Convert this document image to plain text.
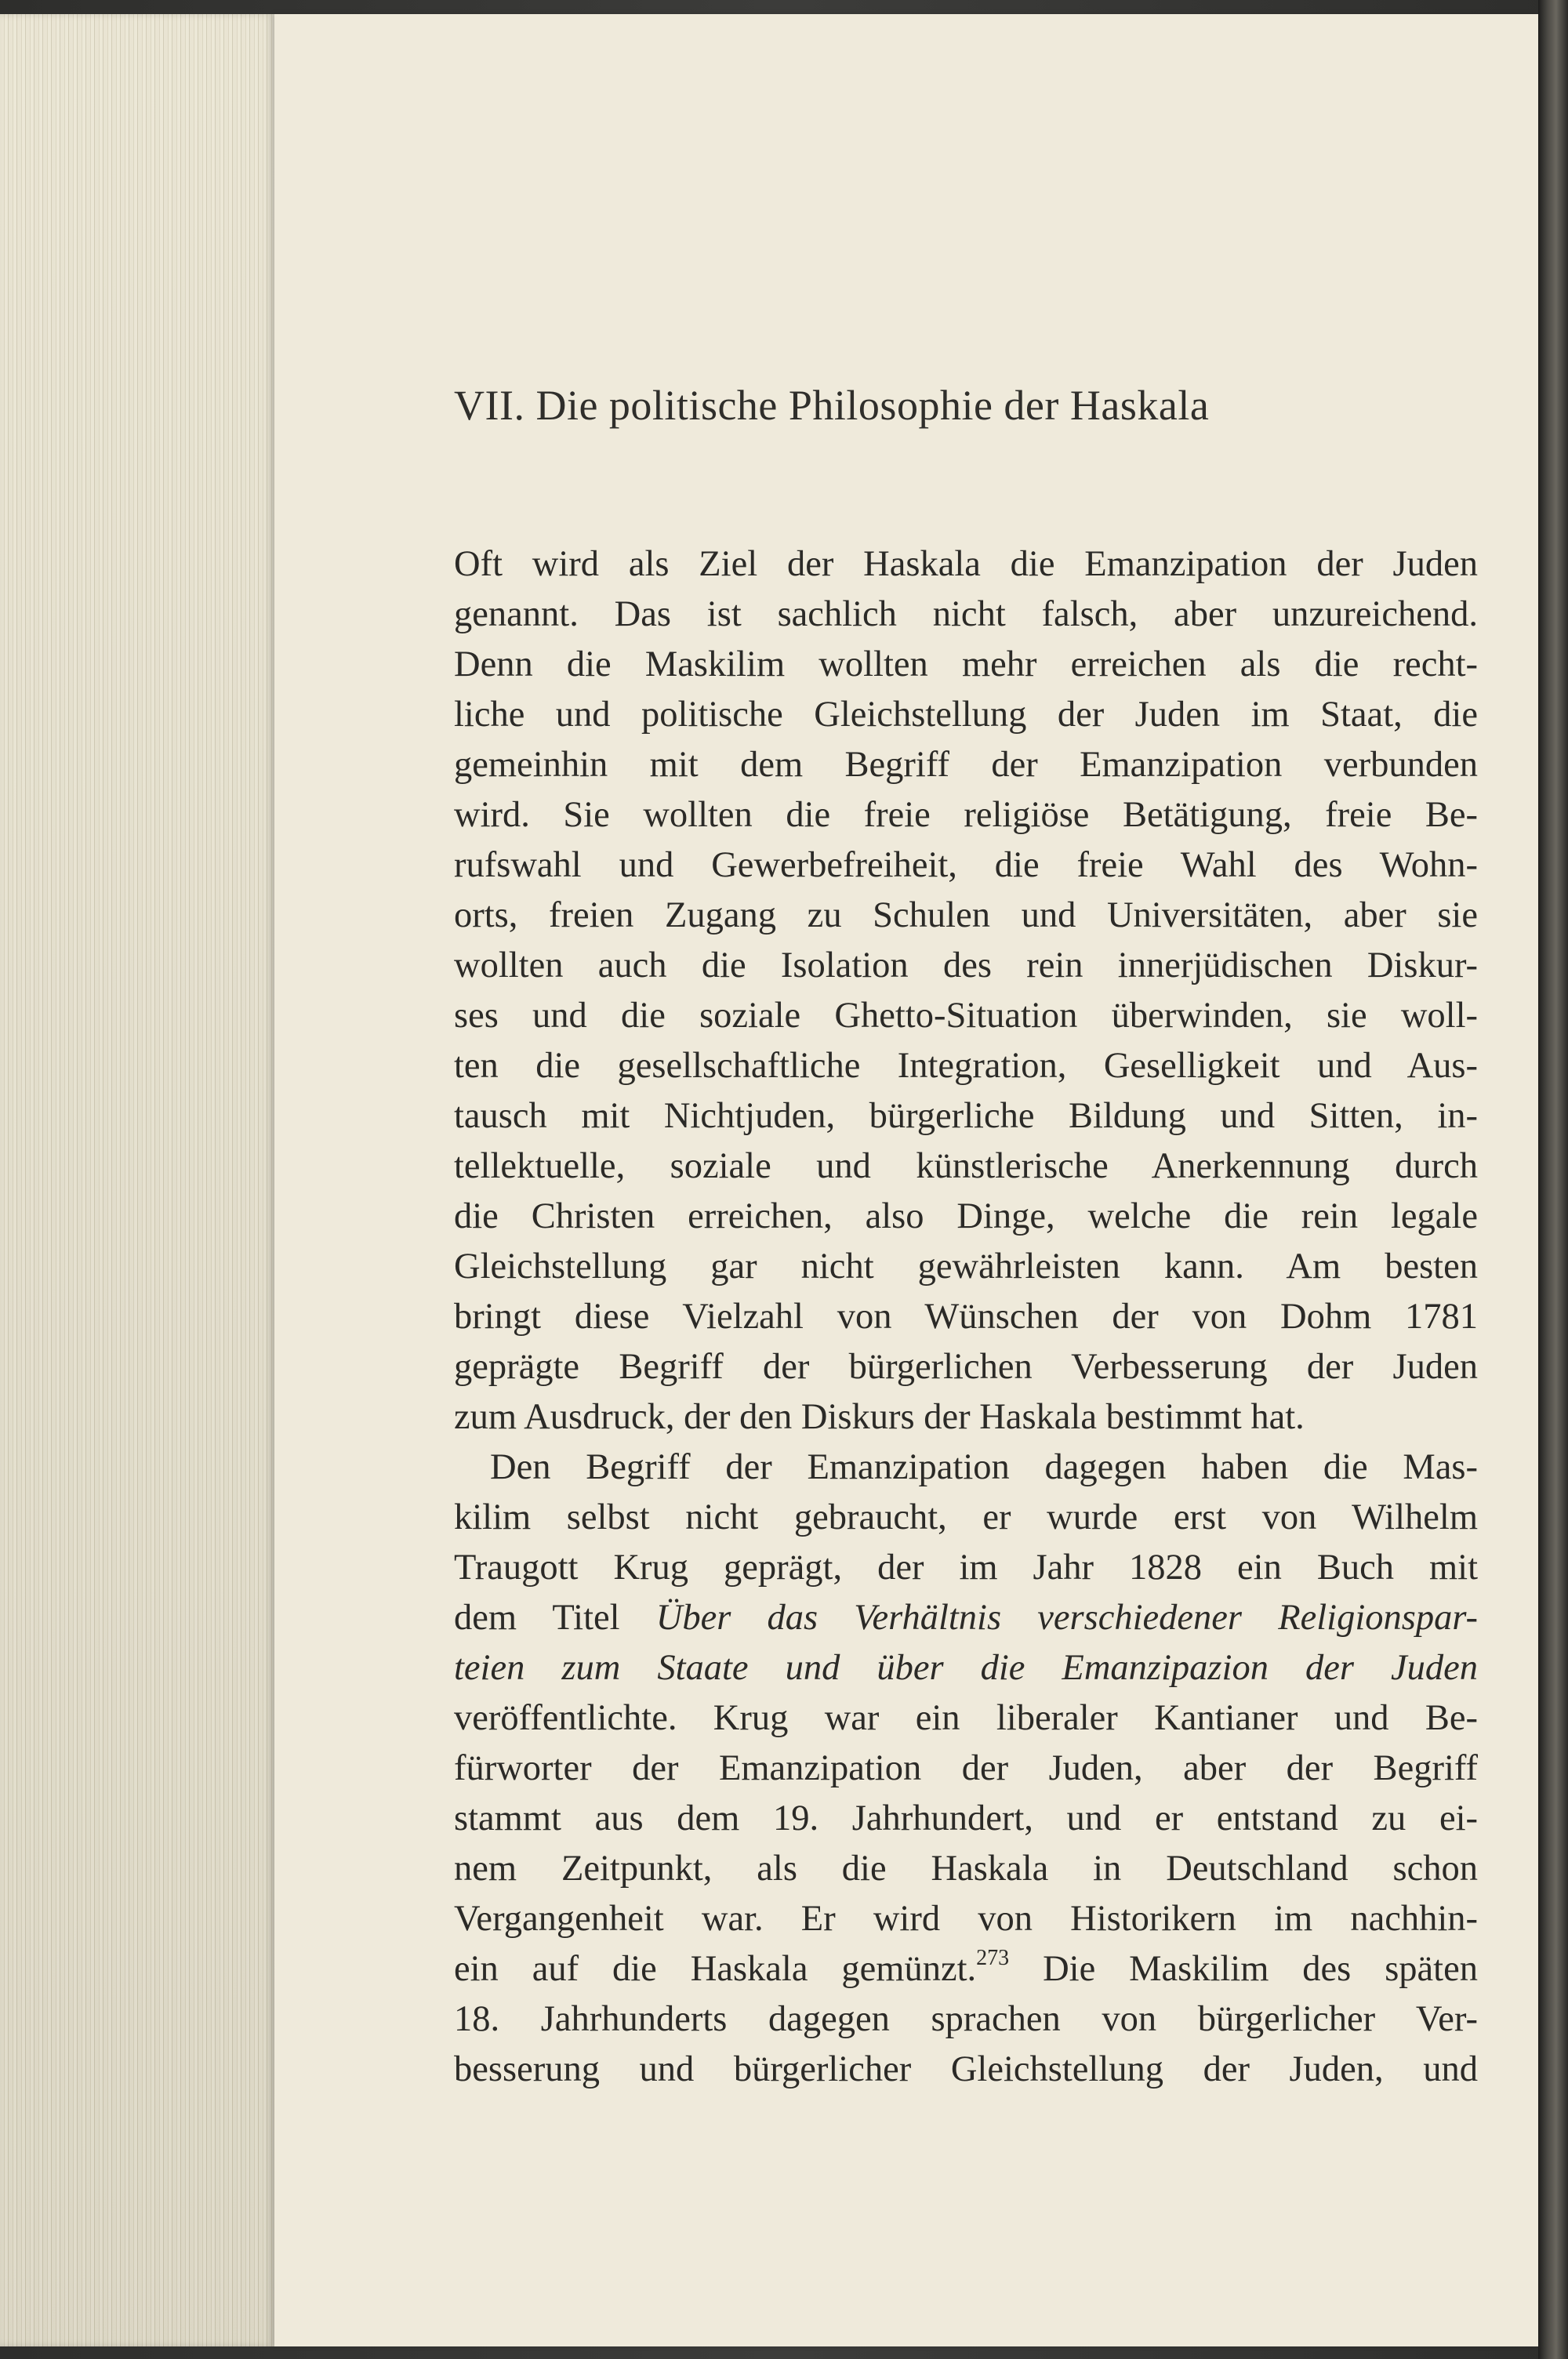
VII. Die politische Philosophie der Haskala

Oft wird als Ziel der Haskala die Emanzipation der Juden
genannt. Das ist sachlich nicht falsch, aber unzureichend.
Denn die Maskilim wollten mehr erreichen als die recht-
liche und politische Gleichstellung der Juden im Staat, die
gemeinhin mit dem Begriff der Emanzipation verbunden
wird. Sie wollten die freie religiöse Betätigung, freie Be-
rufswahl und Gewerbefreiheit, die freie Wahl des Wohn-
orts, freien Zugang zu Schulen und Universitäten, aber sie
wollten auch die Isolation des rein innerjüdischen Diskur-
ses und die soziale Ghetto-Situation überwinden, sie woll-
ten die gesellschaftliche Integration, Geselligkeit und Aus-
tausch mit Nichtjuden, bürgerliche Bildung und Sitten, in-
tellektuelle, soziale und künstlerische Anerkennung durch
die Christen erreichen, also Dinge, welche die rein legale
Gleichstellung gar nicht gewährleisten kann. Am besten
bringt diese Vielzahl von Wünschen der von Dohm 1781
geprägte Begriff der bürgerlichen Verbesserung der Juden
zum Ausdruck, der den Diskurs der Haskala bestimmt hat.

Den Begriff der Emanzipation dagegen haben die Mas-
kilim selbst nicht gebraucht, er wurde erst von Wilhelm
Traugott Krug geprägt, der im Jahr 1828 ein Buch mit
dem Titel Über das Verhältnis verschiedener Religionspar-
teien zum Staate und über die Emanzipazion der Juden
veröffentlichte. Krug war ein liberaler Kantianer und Be-
fürworter der Emanzipation der Juden, aber der Begriff
stammt aus dem 19. Jahrhundert, und er entstand zu ei-
nem Zeitpunkt, als die Haskala in Deutschland schon
Vergangenheit war. Er wird von Historikern im nachhin-
ein auf die Haskala gemünzt.$^{273}$ Die Maskilim des späten
18. Jahrhunderts dagegen sprachen von bürgerlicher Ver-
besserung und bürgerlicher Gleichstellung der Juden, und
